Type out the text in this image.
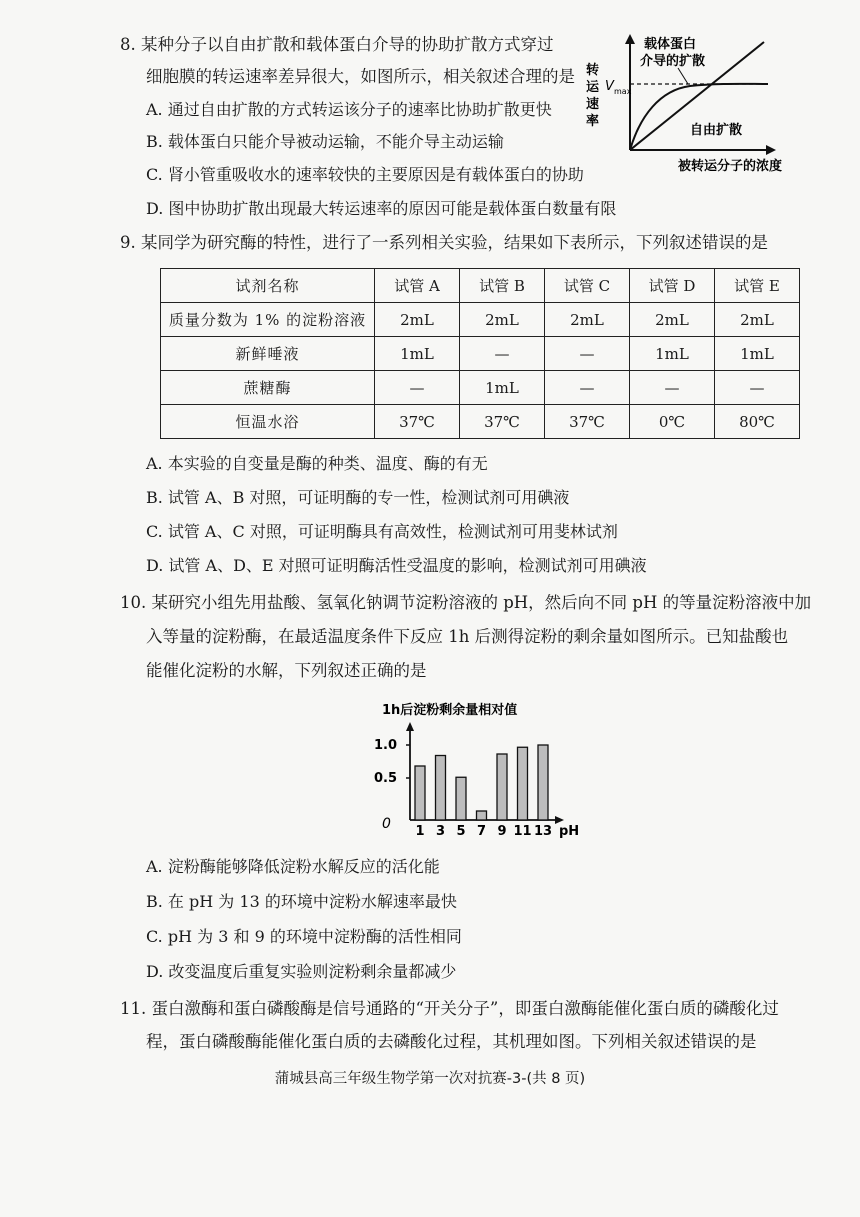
8. 某种分子以自由扩散和载体蛋白介导的协助扩散方式穿过
细胞膜的转运速率差异很大，如图所示，相关叙述合理的是
A. 通过自由扩散的方式转运该分子的速率比协助扩散更快
B. 载体蛋白只能介导被动运输，不能介导主动运输
C. 肾小管重吸收水的速率较快的主要原因是有载体蛋白的协助
D. 图中协助扩散出现最大转运速率的原因可能是载体蛋白数量有限
转
运
速
率
V max
载体蛋白
介导的扩散
自由扩散
被转运分子的浓度
9. 某同学为研究酶的特性，进行了一系列相关实验，结果如下表所示，下列叙述错误的是
试剂名称	试管 A	试管 B	试管 C	试管 D	试管 E
质量分数为 1% 的淀粉溶液	2mL	2mL	2mL	2mL	2mL
新鲜唾液	1mL	—	—	1mL	1mL
蔗糖酶	—	1mL	—	—	—
恒温水浴	37℃	37℃	37℃	0℃	80℃
A. 本实验的自变量是酶的种类、温度、酶的有无
B. 试管 A、B 对照，可证明酶的专一性，检测试剂可用碘液
C. 试管 A、C 对照，可证明酶具有高效性，检测试剂可用斐林试剂
D. 试管 A、D、E 对照可证明酶活性受温度的影响，检测试剂可用碘液
10. 某研究小组先用盐酸、氢氧化钠调节淀粉溶液的 pH，然后向不同 pH 的等量淀粉溶液中加
入等量的淀粉酶，在最适温度条件下反应 1h 后测得淀粉的剩余量如图所示。已知盐酸也
能催化淀粉的水解，下列叙述正确的是
1h后淀粉剩余量相对值
0
0.5
1.0
pH
1 3 5 7 9 11 13
A. 淀粉酶能够降低淀粉水解反应的活化能
B. 在 pH 为 13 的环境中淀粉水解速率最快
C. pH 为 3 和 9 的环境中淀粉酶的活性相同
D. 改变温度后重复实验则淀粉剩余量都减少
11. 蛋白激酶和蛋白磷酸酶是信号通路的“开关分子”，即蛋白激酶能催化蛋白质的磷酸化过
程，蛋白磷酸酶能催化蛋白质的去磷酸化过程，其机理如图。下列相关叙述错误的是
蒲城县高三年级生物学第一次对抗赛-3-(共 8 页)
